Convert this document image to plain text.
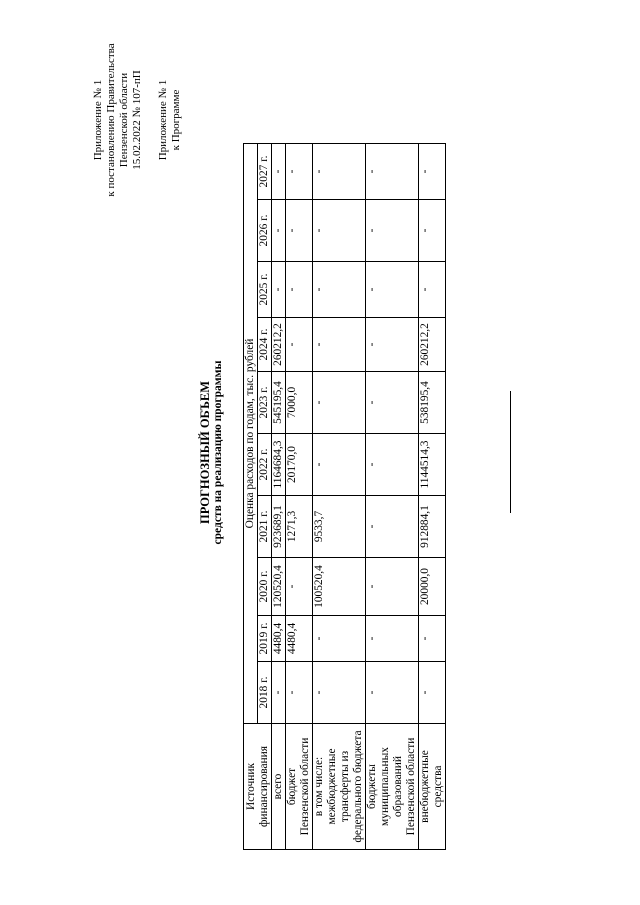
Приложение № 1 к постановлению Правительства Пензенской области 15.02.2022 № 107-пП Приложение № 1 к Программе
ПРОГНОЗНЫЙ ОБЪЕМ средств на реализацию программы
Источник финансирования	Оценка расходов по годам, тыс. рублей									
	2018 г.	2019 г.	2020 г.	2021 г.	2022 г.	2023 г.	2024 г.	2025 г.	2026 г.	2027 г.

всего	-	4480,4	120520,4	923689,1	1164684,3	545195,4	260212,2	-	-	-

бюджет Пензенской области	-	4480,4	-	1271,3	20170,0	7000,0	-	-	-	-

в том числе: межбюджетные трансферты из федерального бюджета	-	-	100520,4	9533,7	-	-	-	-	-	-

бюджеты муниципальных образований Пензенской области	-	-	-	-	-	-	-	-	-	-

внебюджетные средства	-	-	20000,0	912884,1	1144514,3	538195,4	260212,2	-	-	-
